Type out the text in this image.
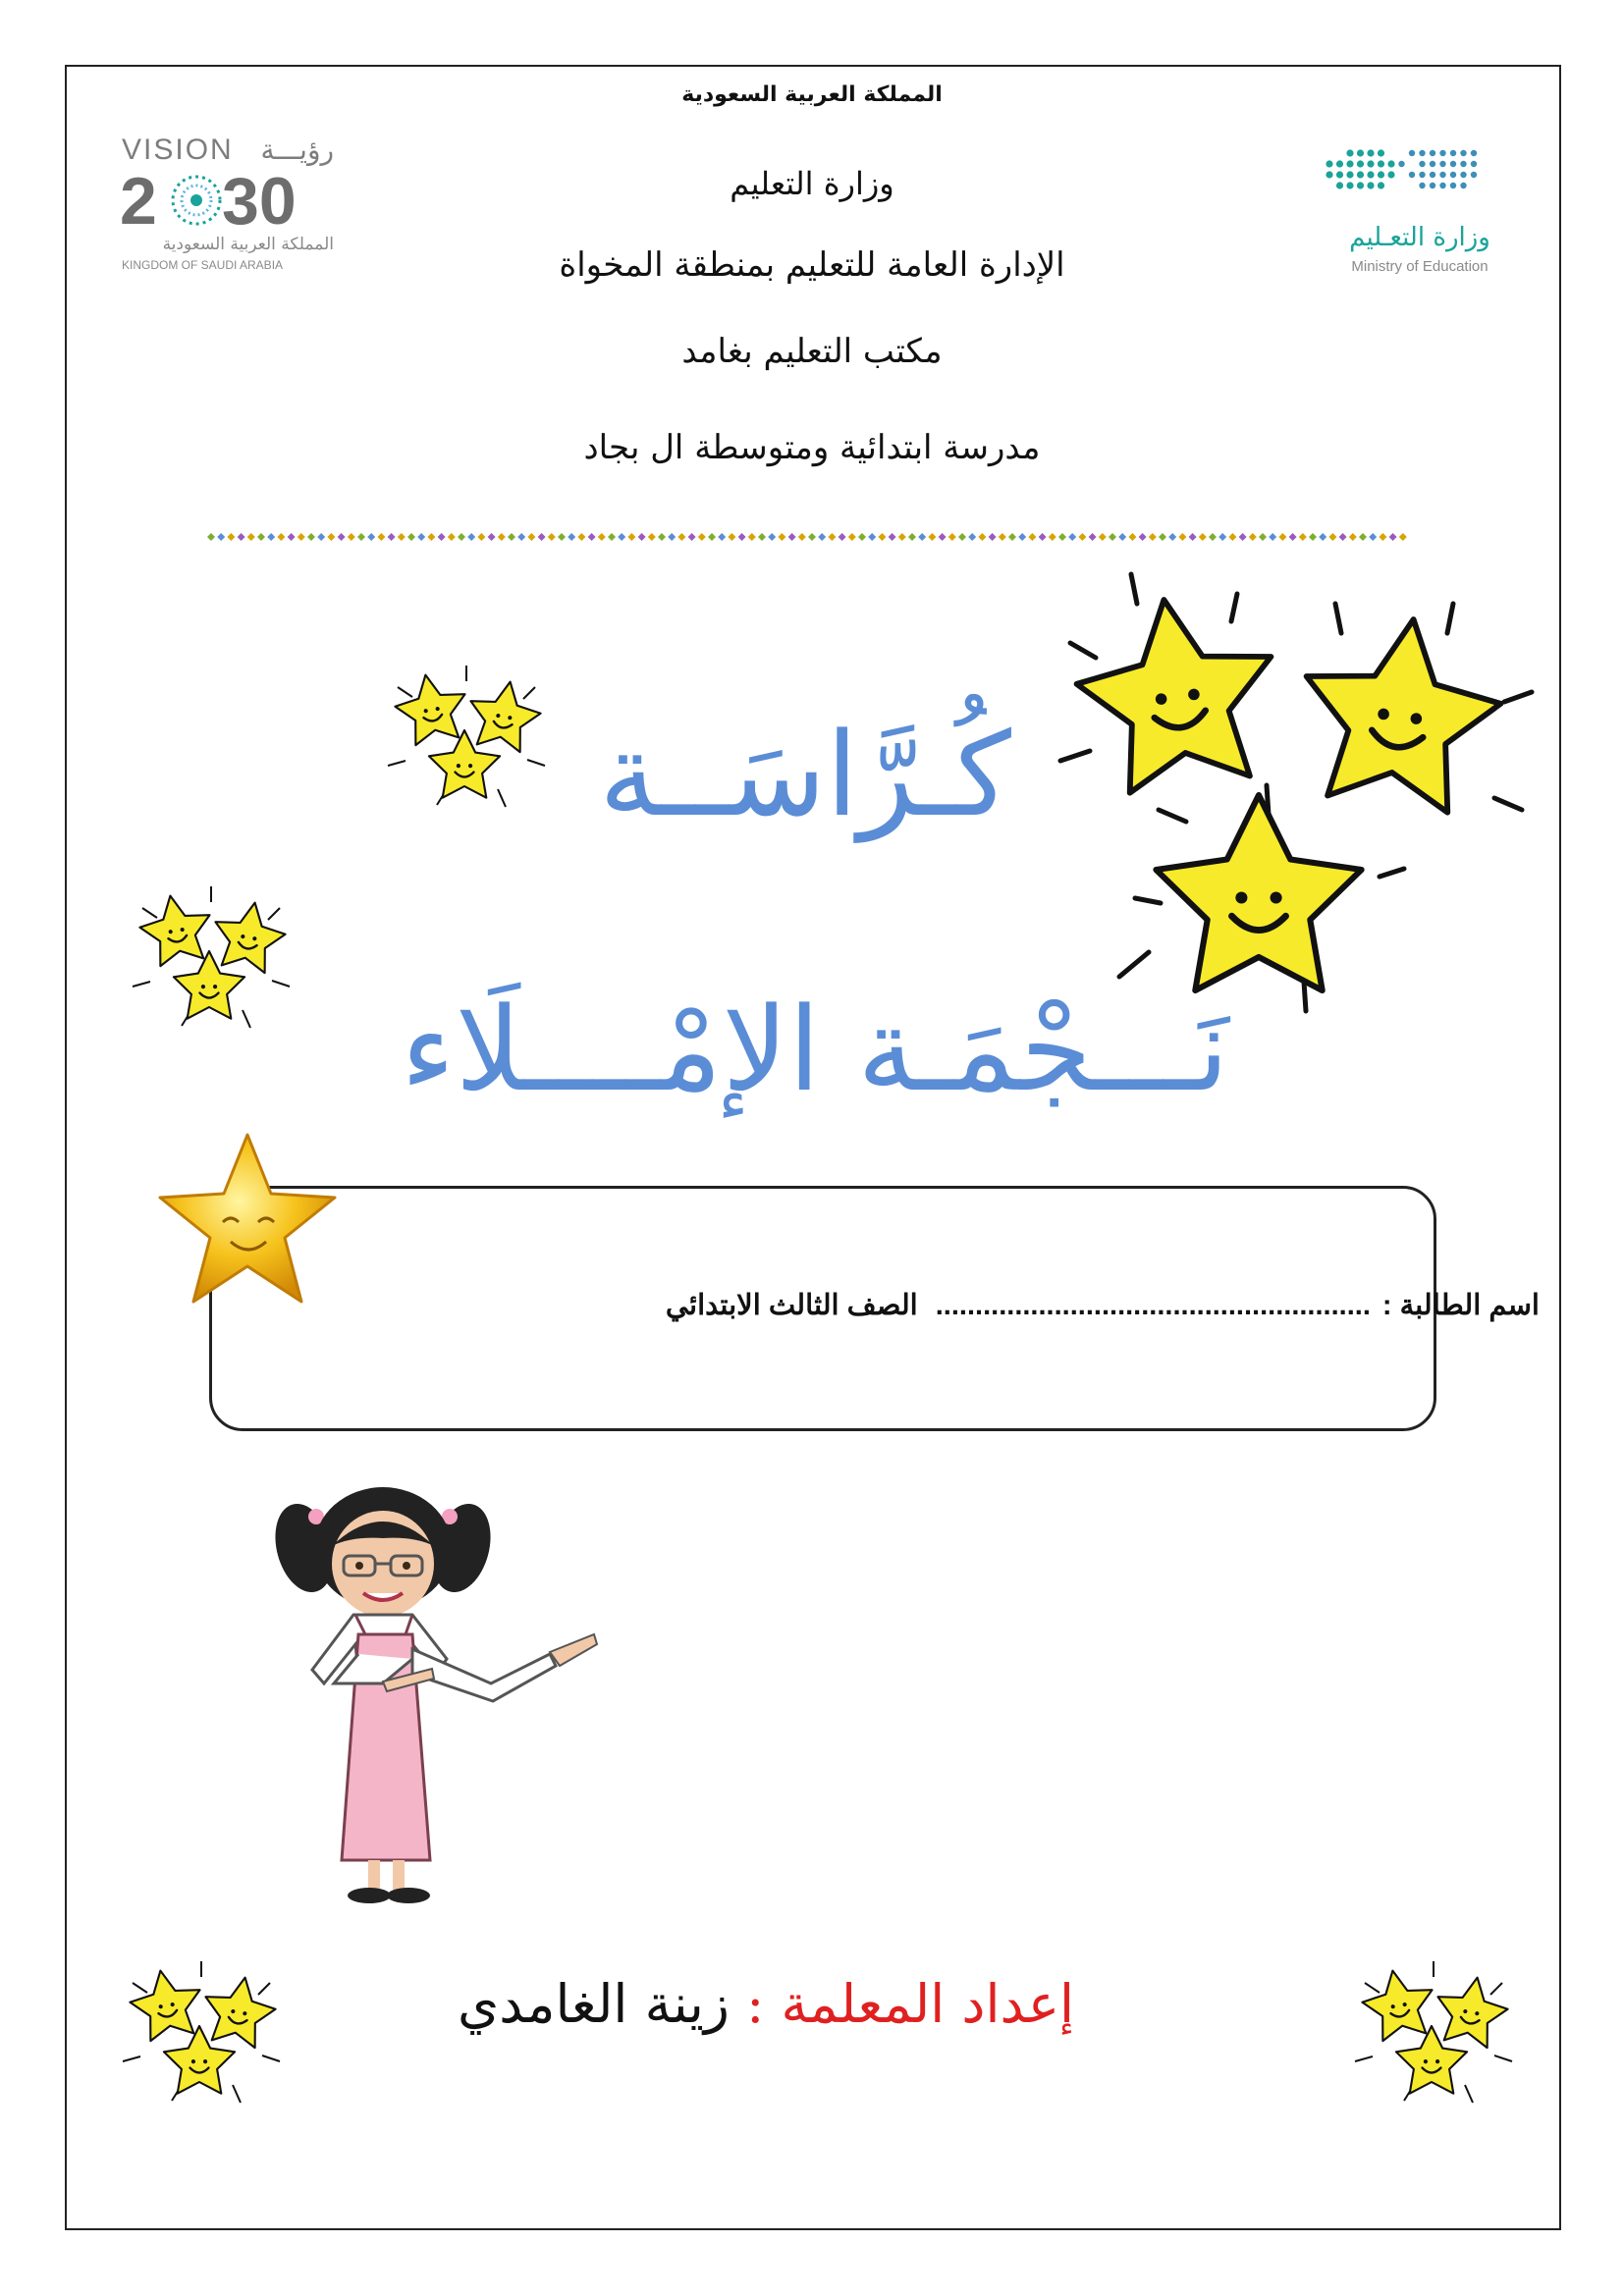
المملكة العربية السعودية
وزارة التعليم
الإدارة العامة للتعليم بمنطقة المخواة
مكتب التعليم بغامد
مدرسة ابتدائية ومتوسطة ال بجاد
VISION رؤيـــة
2 30
المملكة العربية السعودية
KINGDOM OF SAUDI ARABIA
وزارة التعـليم
Ministry of Education
كُـرَّاسَــة
نَـــجْمَـة الإمْــــلَاء
اسم الطالبة :.......................................................الصف الثالث الابتدائي
إعداد المعلمة : زينة الغامدي
